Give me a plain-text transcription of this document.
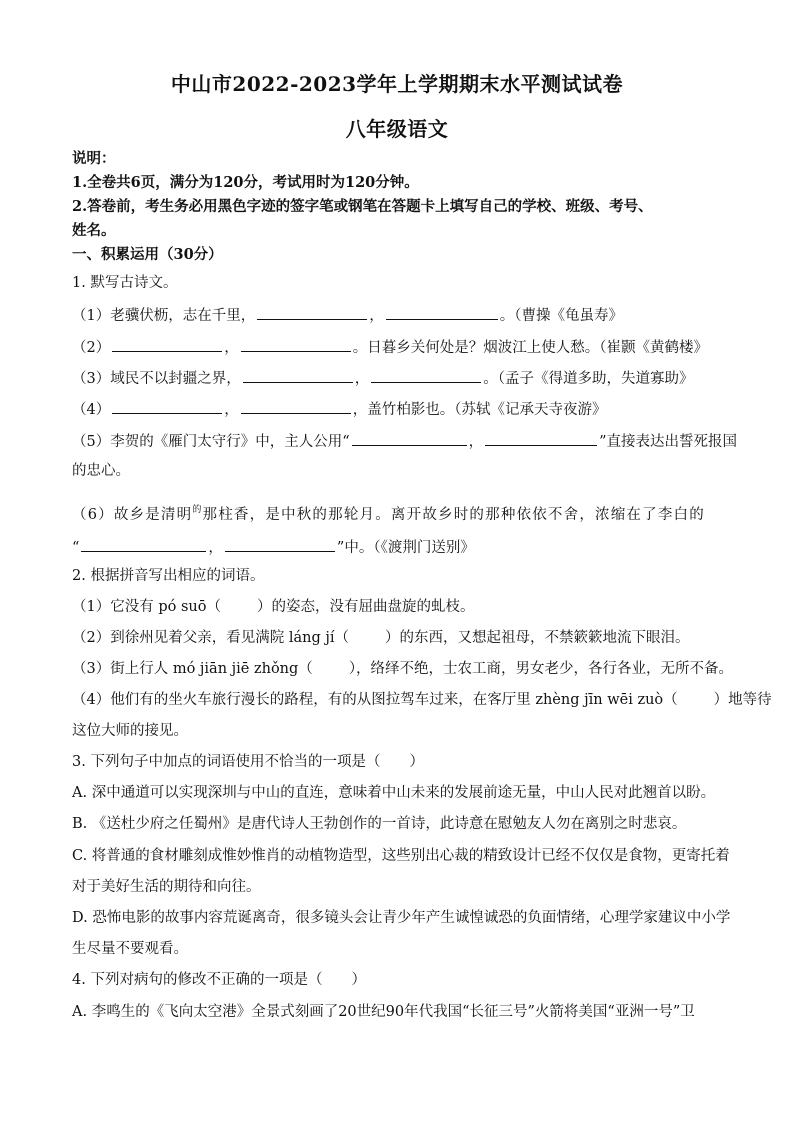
中山市2022-2023学年上学期期末水平测试试卷
八年级语文
说明：
1.全卷共6页，满分为120分，考试用时为120分钟。
2.答卷前，考生务必用黑色字迹的签字笔或钢笔在答题卡上填写自己的学校、班级、考号、
姓名。
一、积累运用（30分）
1. 默写古诗文。
（1）老骥伏枥，志在千里，	，	。（曹操《龟虽寿》
（2）	，	。日暮乡关何处是？烟波江上使人愁。（崔颢《黄鹤楼》
（3）域民不以封疆之界，	，	。（孟子《得道多助，失道寡助》
（4）	，	，盖竹柏影也。（苏轼《记承天寺夜游》
（5）李贺的《雁门太守行》中，主人公用“	，	”直接表达出誓死报国
的忠心。
（6）故乡是清明$^的$那柱香，是中秋的那轮月。离开故乡时的那种依依不舍，浓缩在了李白的
“	，	”中。（《渡荆门送别》
2. 根据拼音写出相应的词语。
（1）它没有 pó suō（ ）的姿态，没有屈曲盘旋的虬枝。
（2）到徐州见着父亲，看见满院 láng jí（ ）的东西，又想起祖母，不禁簌簌地流下眼泪。
（3）街上行人 mó jiān jiē zhǒng（ ），络绎不绝，士农工商，男女老少，各行各业，无所不备。
（4）他们有的坐火车旅行漫长的路程，有的从图拉驾车过来，在客厅里 zhèng jīn wēi zuò（ ）地等待
这位大师的接见。
3. 下列句子中加点的词语使用不恰当的一项是（　　）
A. 深中通道可以实现深圳与中山的直连，意味着中山未来的发展前途无量，中山人民对此翘首以盼。
B. 《送杜少府之任蜀州》是唐代诗人王勃创作的一首诗，此诗意在慰勉友人勿在离别之时悲哀。
C. 将普通的食材雕刻成惟妙惟肖的动植物造型，这些别出心裁的精致设计已经不仅仅是食物，更寄托着
对于美好生活的期待和向往。
D. 恐怖电影的故事内容荒诞离奇，很多镜头会让青少年产生诚惶诚恐的负面情绪，心理学家建议中小学
生尽量不要观看。
4. 下列对病句的修改不正确的一项是（　　）
A. 李鸣生的《飞向太空港》全景式刻画了20世纪90年代我国“长征三号”火箭将美国“亚洲一号”卫
